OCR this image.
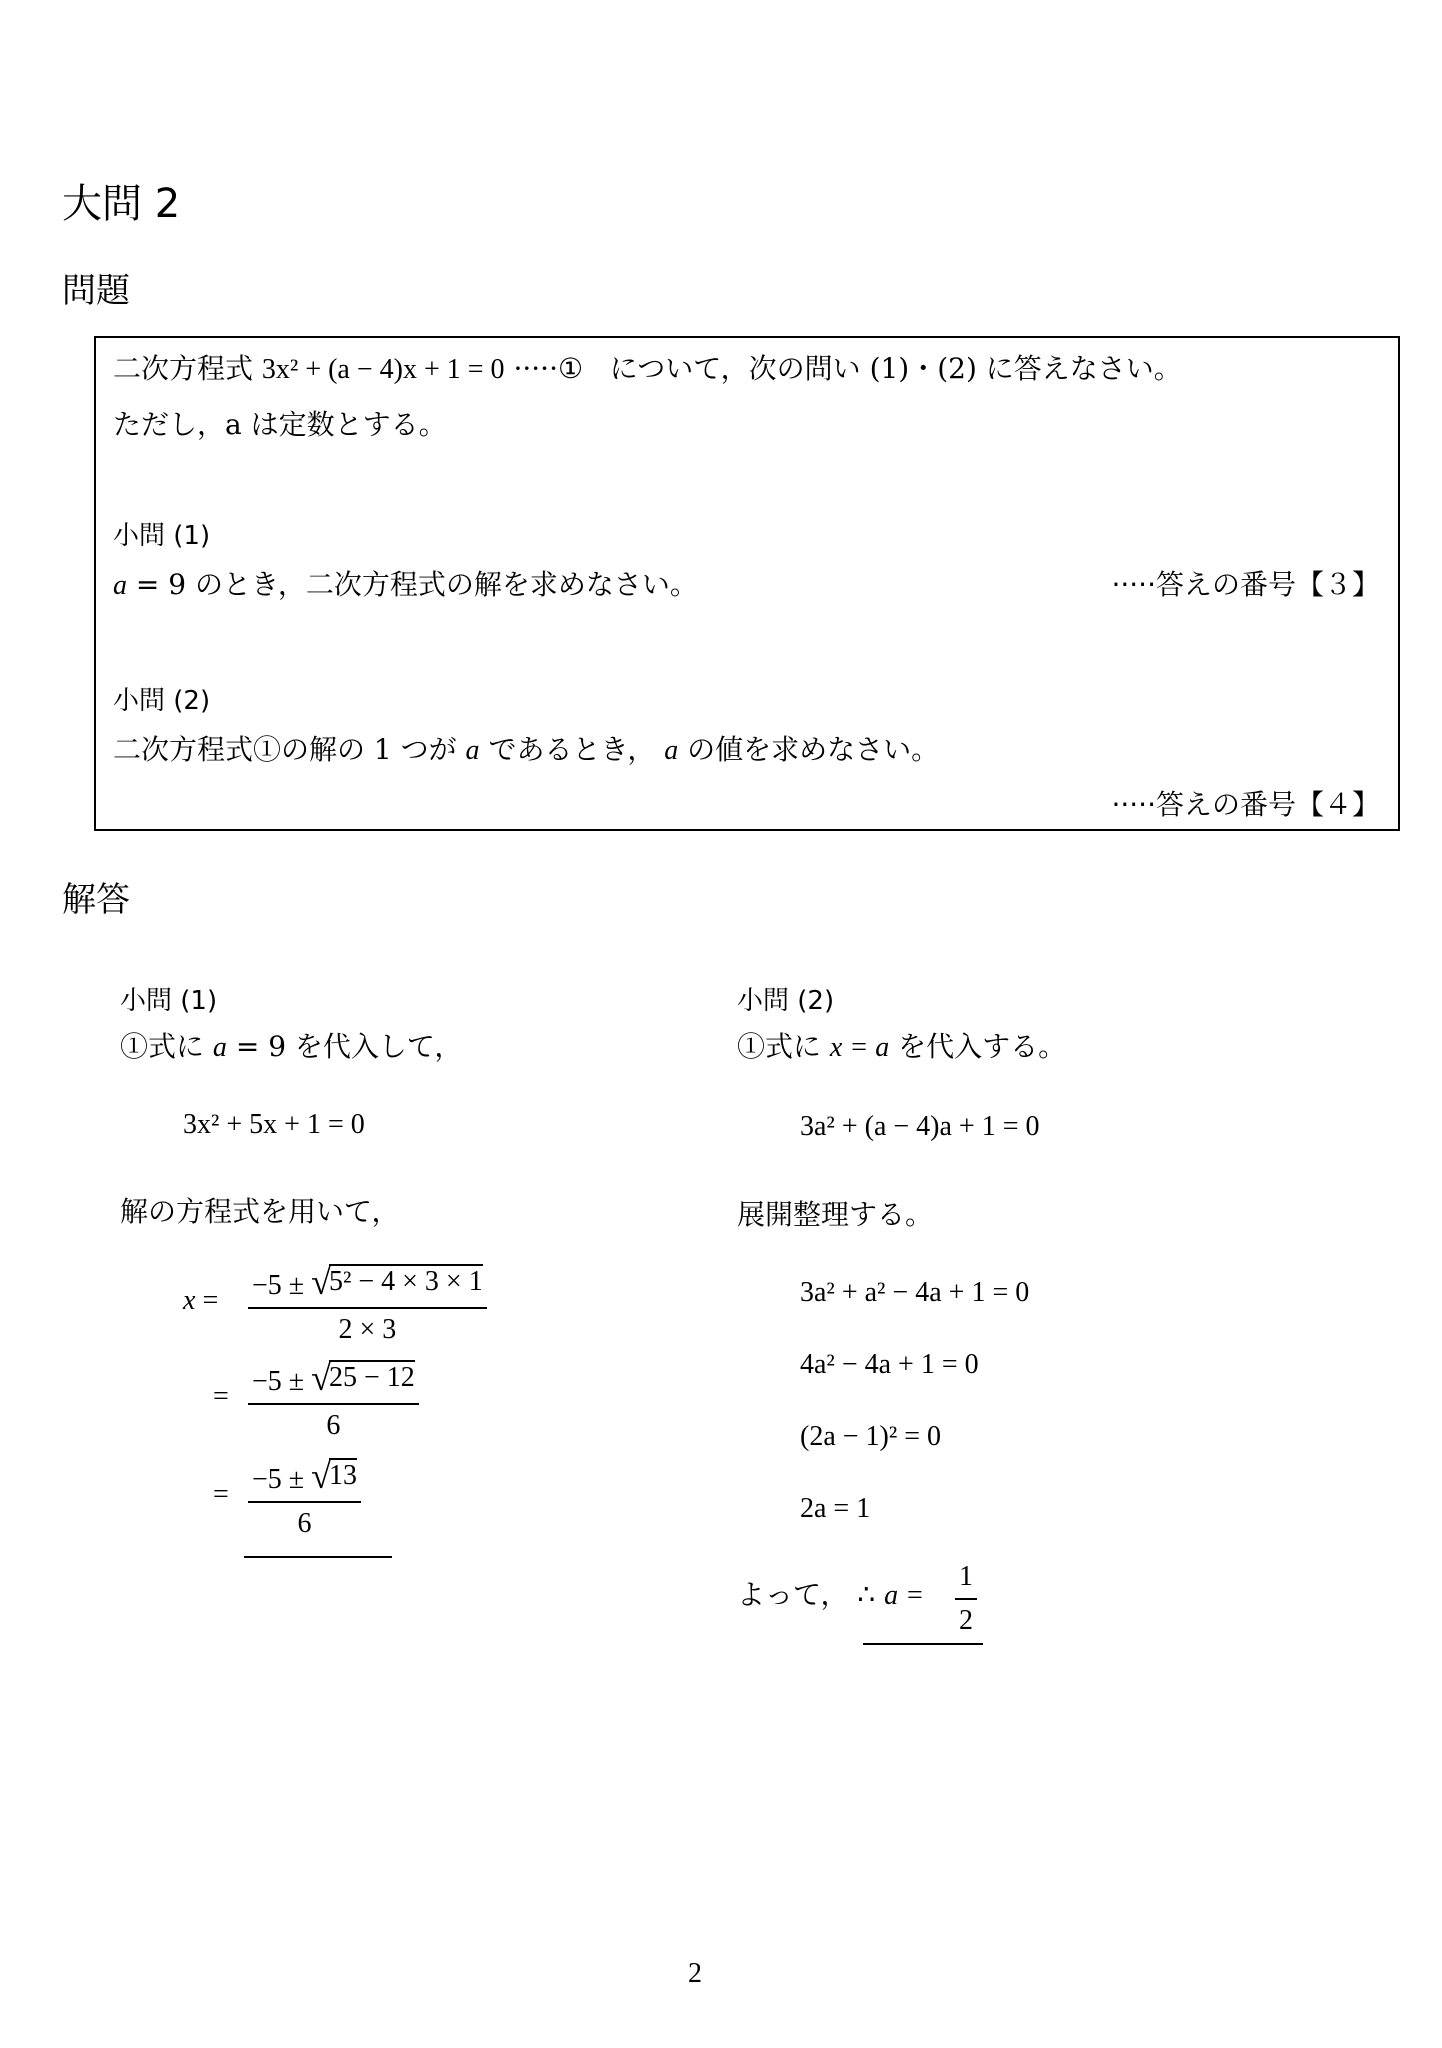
大問 2
問題
二次方程式 3x² + (a − 4)x + 1 = 0 ·····① について，次の問い (1)・(2) に答えなさい。
ただし，a は定数とする。
小問 (1)
a = 9 のとき，二次方程式の解を求めなさい。	·····答えの番号【３】
小問 (2)
二次方程式①の解の 1 つが a であるとき， a の値を求めなさい。
·····答えの番号【４】
解答
小問 (1)
①式に a = 9 を代入して，
3x² + 5x + 1 = 0
解の方程式を用いて，
x = −5 ± √
5² − 4 × 3 × 1
2 × 3
= −5 ± √
25 − 12
6
= −5 ± √
13
6
小問 (2)
①式に x = a を代入する。
3a² + (a − 4)a + 1 = 0
展開整理する。
3a² + a² − 4a + 1 = 0
4a² − 4a + 1 = 0
(2a − 1)² = 0
2a = 1
よって， ∴ $a = \frac{1}{2}$
2
